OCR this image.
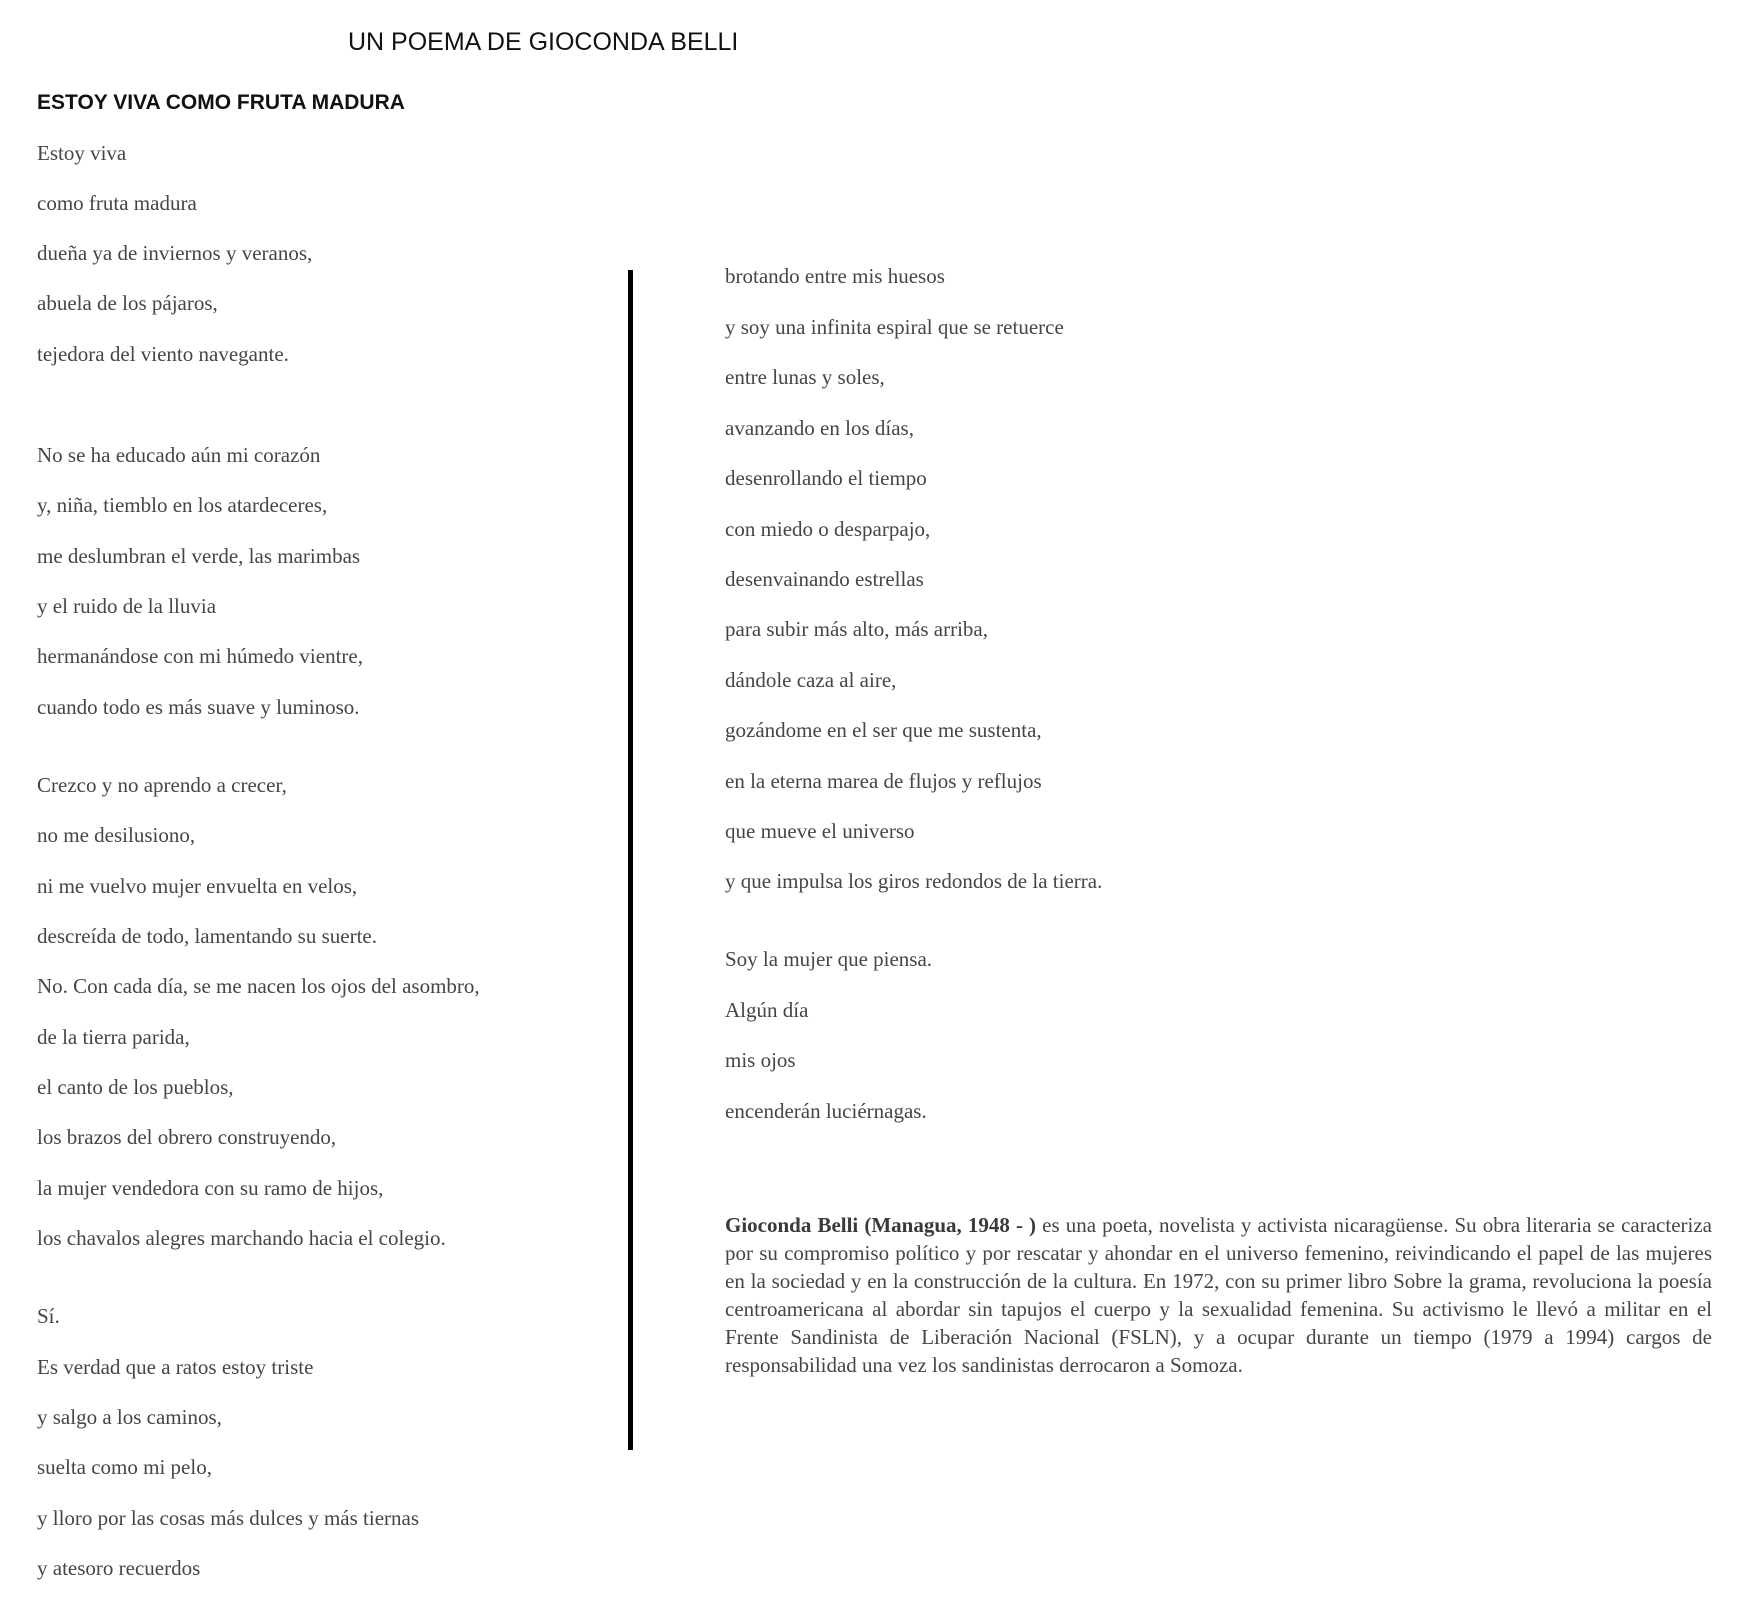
UN POEMA DE GIOCONDA BELLI
ESTOY VIVA COMO FRUTA MADURA
Estoy viva
como fruta madura
dueña ya de inviernos y veranos,
abuela de los pájaros,
tejedora del viento navegante.
No se ha educado aún mi corazón
y, niña, tiemblo en los atardeceres,
me deslumbran el verde, las marimbas
y el ruido de la lluvia
hermanándose con mi húmedo vientre,
cuando todo es más suave y luminoso.
Crezco y no aprendo a crecer,
no me desilusiono,
ni me vuelvo mujer envuelta en velos,
descreída de todo, lamentando su suerte.
No. Con cada día, se me nacen los ojos del asombro,
de la tierra parida,
el canto de los pueblos,
los brazos del obrero construyendo,
la mujer vendedora con su ramo de hijos,
los chavalos alegres marchando hacia el colegio.
Sí.
Es verdad que a ratos estoy triste
y salgo a los caminos,
suelta como mi pelo,
y lloro por las cosas más dulces y más tiernas
y atesoro recuerdos
brotando entre mis huesos
y soy una infinita espiral que se retuerce
entre lunas y soles,
avanzando en los días,
desenrollando el tiempo
con miedo o desparpajo,
desenvainando estrellas
para subir más alto, más arriba,
dándole caza al aire,
gozándome en el ser que me sustenta,
en la eterna marea de flujos y reflujos
que mueve el universo
y que impulsa los giros redondos de la tierra.
Soy la mujer que piensa.
Algún día
mis ojos
encenderán luciérnagas.

Gioconda Belli (Managua, 1948 - ) es una poeta, novelista y activista nicaragüense. Su obra literaria se caracteriza por su compromiso político y por rescatar y ahondar en el universo femenino, reivindicando el papel de las mujeres en la sociedad y en la construcción de la cultura. En 1972, con su primer libro Sobre la grama, revoluciona la poesía centroamericana al abordar sin tapujos el cuerpo y la sexualidad femenina. Su activismo le llevó a militar en el Frente Sandinista de Liberación Nacional (FSLN), y a ocupar durante un tiempo (1979 a 1994) cargos de responsabilidad una vez los sandinistas derrocaron a Somoza.
